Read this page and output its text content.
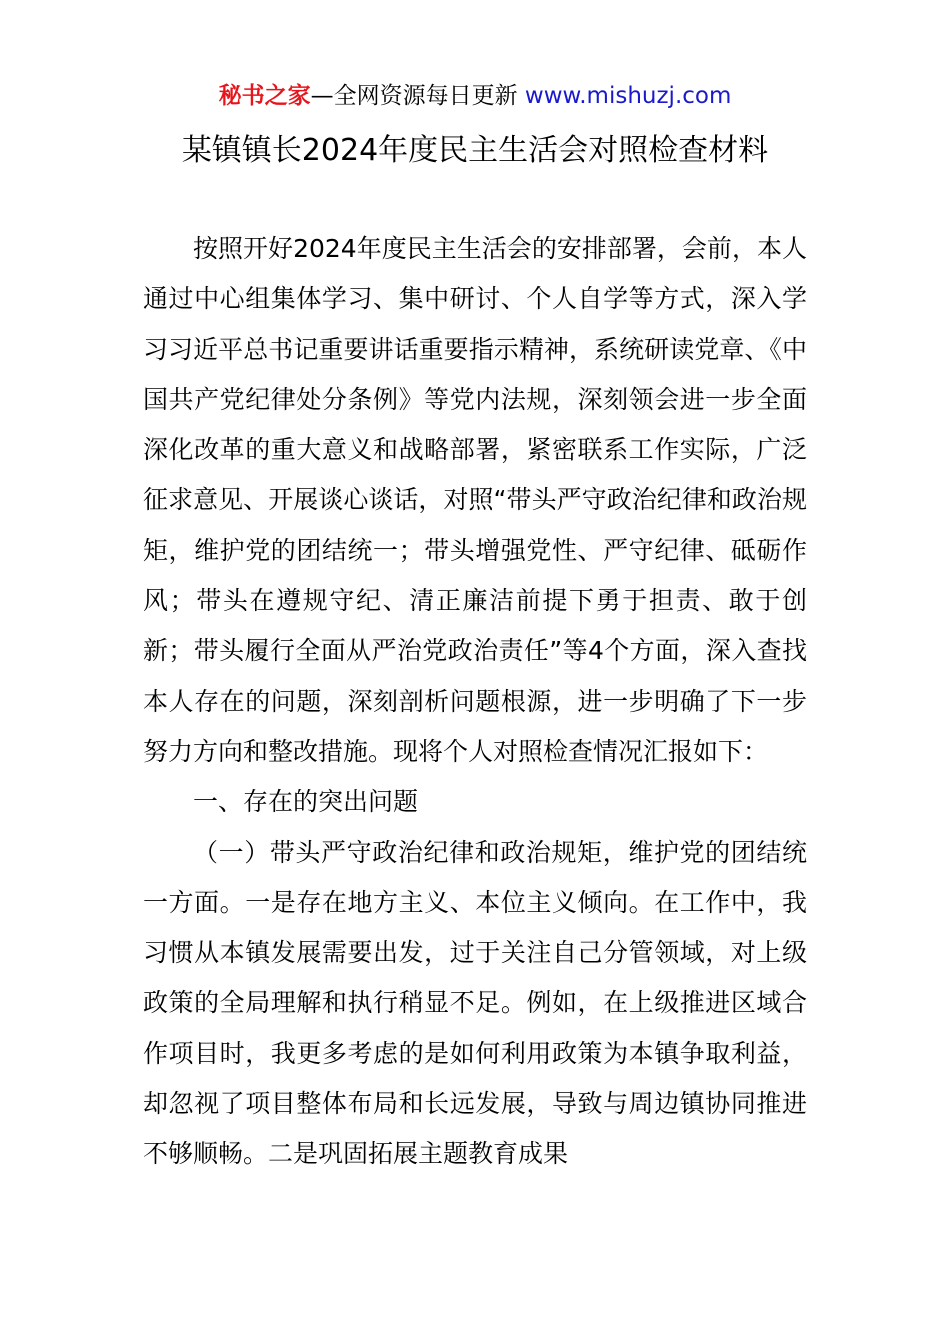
秘书之家—全网资源每日更新 www.mishuzj.com
某镇镇长2024年度民主生活会对照检查材料

按照开好2024年度民主生活会的安排部署，会前，本人通过中心组集体学习、集中研讨、个人自学等方式，深入学习习近平总书记重要讲话重要指示精神，系统研读党章、《中国共产党纪律处分条例》等党内法规，深刻领会进一步全面深化改革的重大意义和战略部署，紧密联系工作实际，广泛征求意见、开展谈心谈话，对照“带头严守政治纪律和政治规矩，维护党的团结统一；带头增强党性、严守纪律、砥砺作风；带头在遵规守纪、清正廉洁前提下勇于担责、敢于创新；带头履行全面从严治党政治责任”等4个方面，深入查找本人存在的问题，深刻剖析问题根源，进一步明确了下一步努力方向和整改措施。现将个人对照检查情况汇报如下：

一、存在的突出问题

（一）带头严守政治纪律和政治规矩，维护党的团结统一方面。一是存在地方主义、本位主义倾向。在工作中，我习惯从本镇发展需要出发，过于关注自己分管领域，对上级政策的全局理解和执行稍显不足。例如，在上级推进区域合作项目时，我更多考虑的是如何利用政策为本镇争取利益，却忽视了项目整体布局和长远发展，导致与周边镇协同推进不够顺畅。二是巩固拓展主题教育成果
